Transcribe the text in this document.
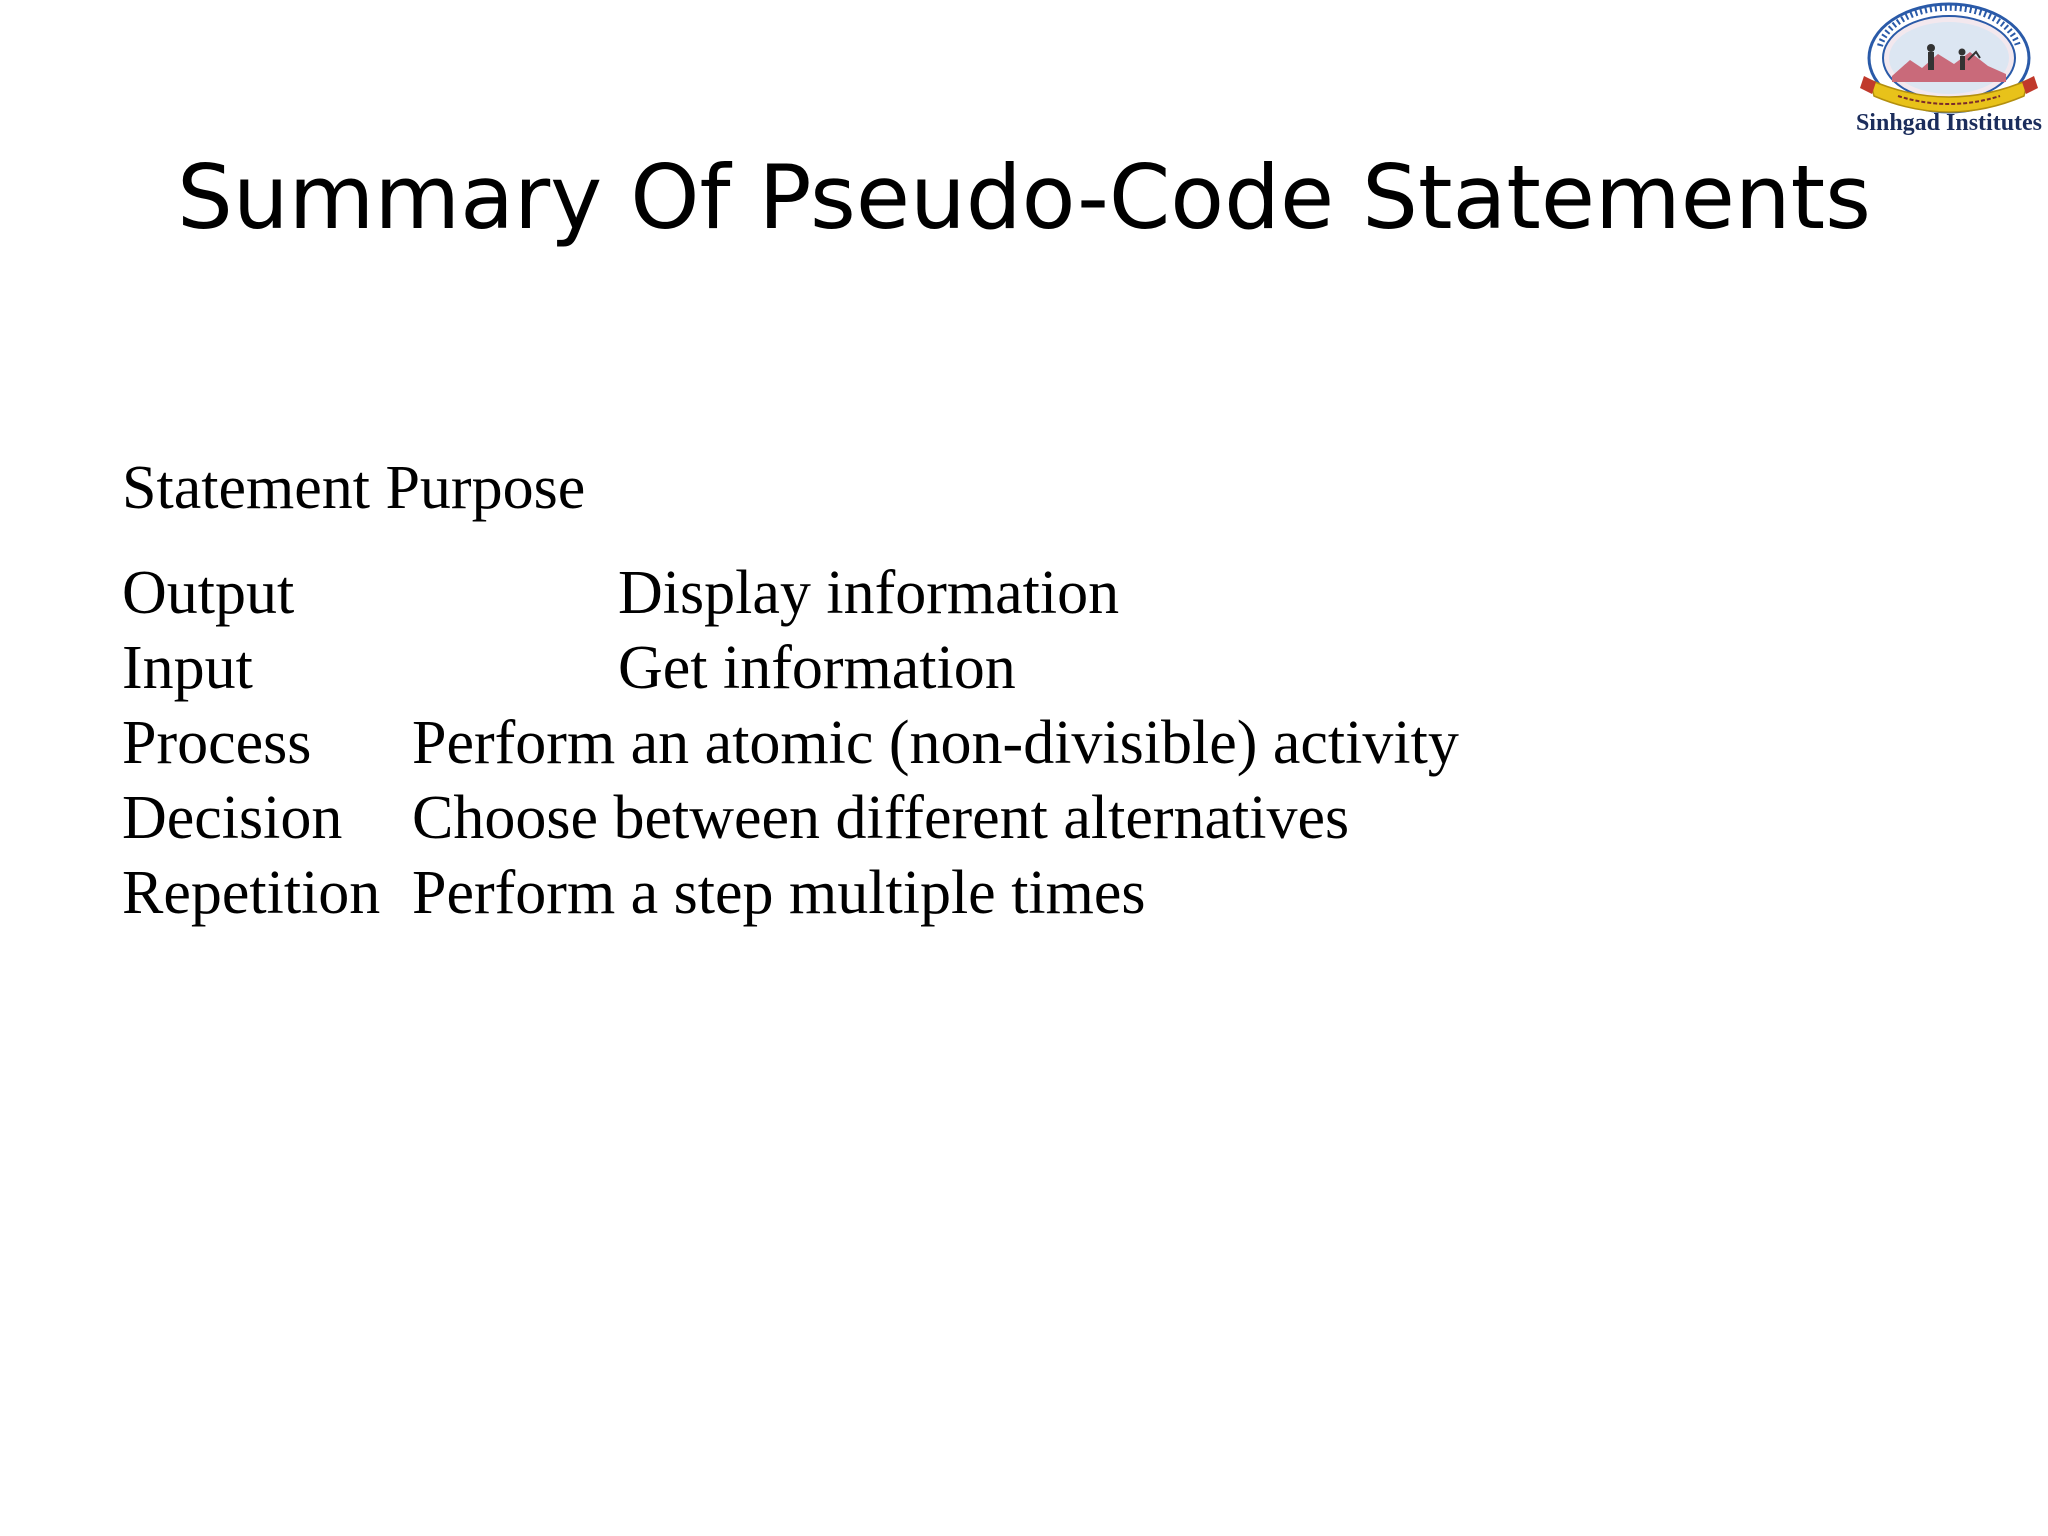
Sinhgad Institutes
Summary Of Pseudo-Code Statements
Statement Purpose
Output	Display information
Input	Get information
Process Perform an atomic (non-divisible) activity
Decision Choose between different alternatives
Repetition Perform a step multiple times
